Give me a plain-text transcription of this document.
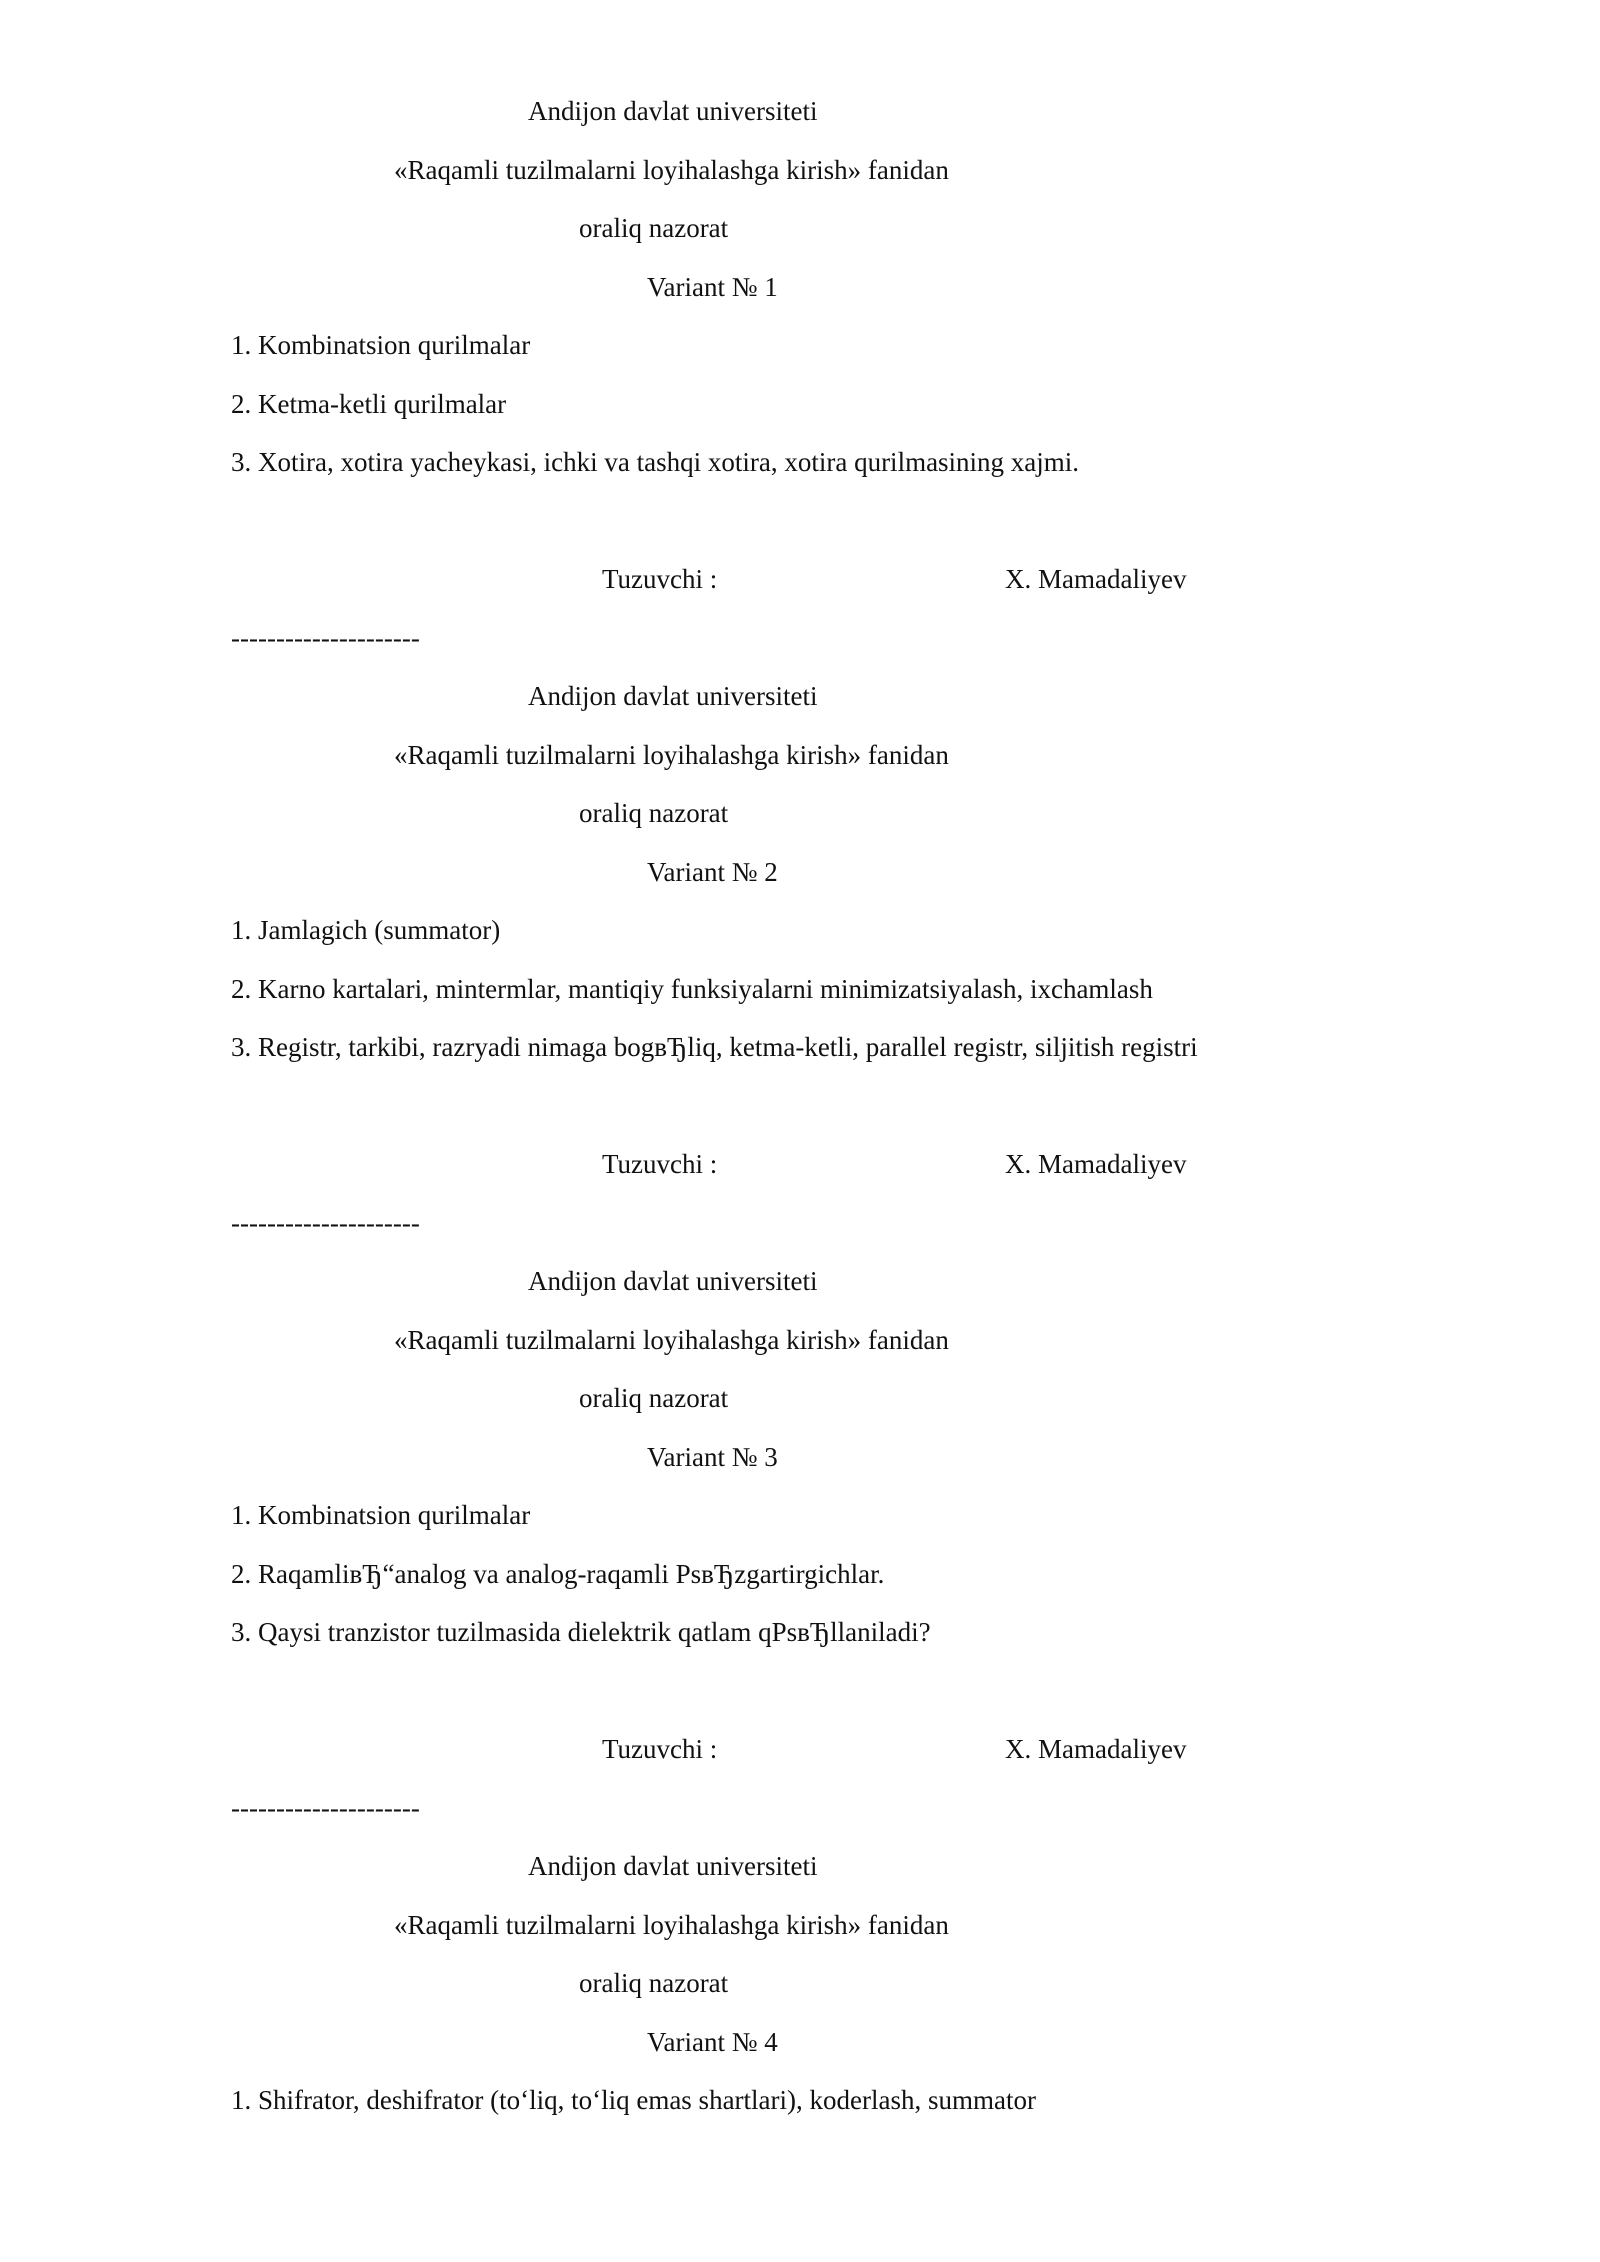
Andijon davlat universiteti
«Raqamli tuzilmalarni loyihalashga kirish» fanidan
oraliq nazorat
Variant № 1
1. Kombinatsion qurilmalar
2. Ketma-ketli qurilmalar
3. Xotira, xotira yacheykasi, ichki va tashqi xotira, xotira qurilmasining xajmi.
Tuzuvchi :	X. Mamadaliyev
---------------------
Andijon davlat universiteti
«Raqamli tuzilmalarni loyihalashga kirish» fanidan
oraliq nazorat
Variant № 2
1. Jamlagich (summator)
2. Karno kartalari, mintermlar, mantiqiy funksiyalarni minimizatsiyalash, ixchamlash
3. Registr, tarkibi, razryadi nimaga bogвЂliq, ketma-ketli, parallel registr, siljitish registri
Tuzuvchi :	X. Mamadaliyev
---------------------
Andijon davlat universiteti
«Raqamli tuzilmalarni loyihalashga kirish» fanidan
oraliq nazorat
Variant № 3
1. Kombinatsion qurilmalar
2. RaqamliвЂ“analog va analog-raqamli PsвЂzgartirgichlar.
3. Qaysi tranzistor tuzilmasida dielektrik qatlam qPsвЂllaniladi?
Tuzuvchi :	X. Mamadaliyev
---------------------
Andijon davlat universiteti
«Raqamli tuzilmalarni loyihalashga kirish» fanidan
oraliq nazorat
Variant № 4
1. Shifrator, deshifrator (to‘liq, to‘liq emas shartlari), koderlash, summator
